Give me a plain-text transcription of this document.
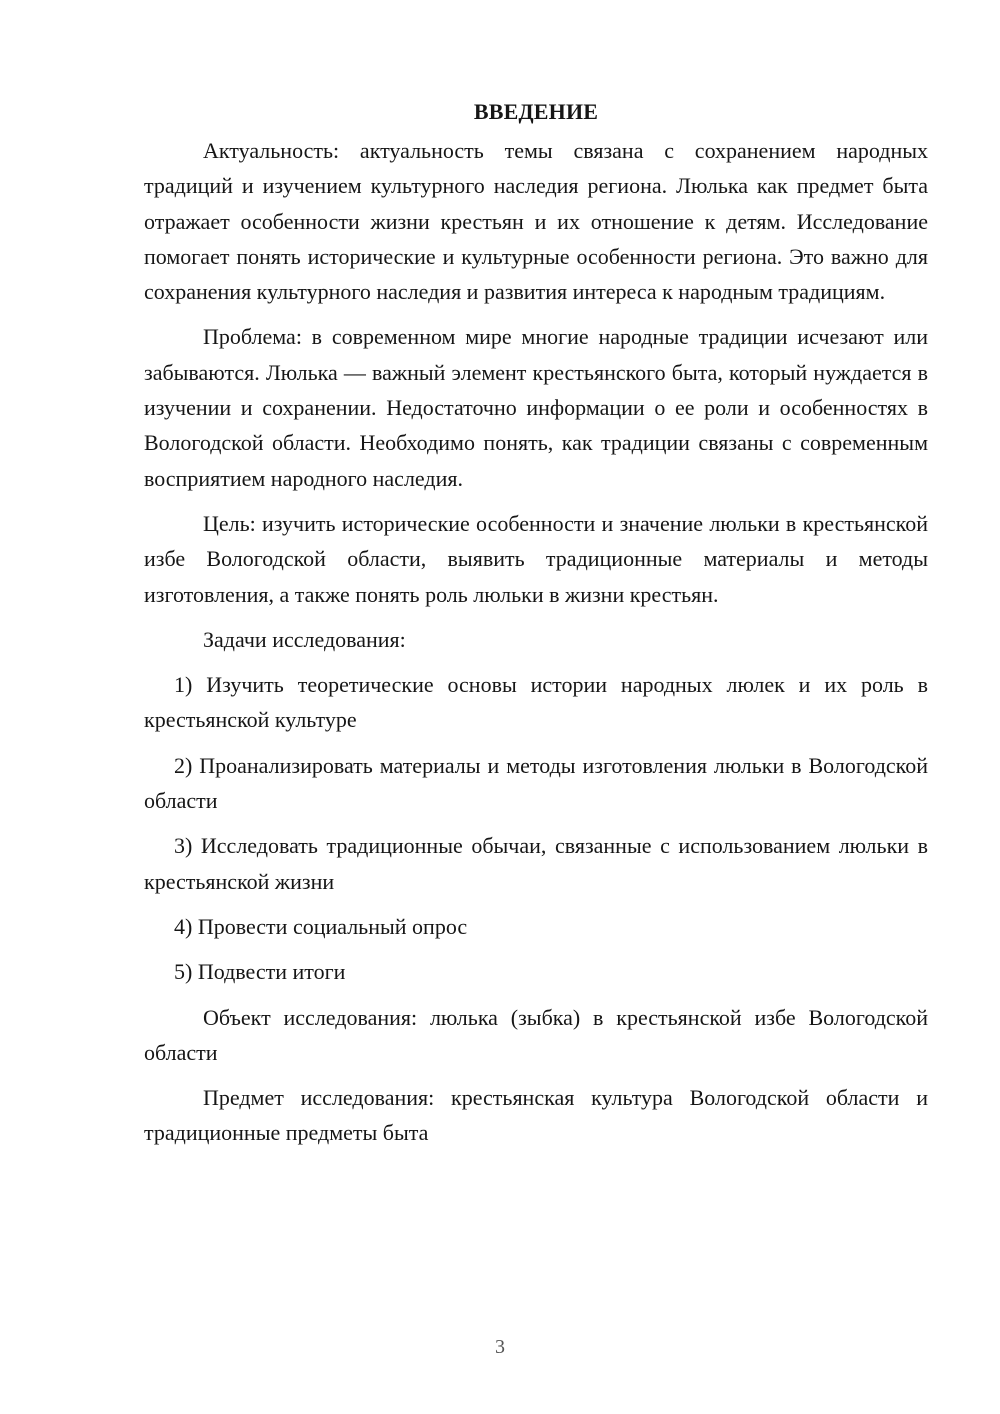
ВВЕДЕНИЕ

Актуальность: актуальность темы связана с сохранением народных традиций и изучением культурного наследия региона. Люлька как предмет быта отражает особенности жизни крестьян и их отношение к детям. Исследование помогает понять исторические и культурные особенности региона. Это важно для сохранения культурного наследия и развития интереса к народным традициям.

Проблема: в современном мире многие народные традиции исчезают или забываются. Люлька — важный элемент крестьянского быта, который нуждается в изучении и сохранении. Недостаточно информации о ее роли и особенностях в Вологодской области. Необходимо понять, как традиции связаны с современным восприятием народного наследия.

Цель: изучить исторические особенности и значение люльки в крестьянской избе Вологодской области, выявить традиционные материалы и методы изготовления, а также понять роль люльки в жизни крестьян.

Задачи исследования:

1) Изучить теоретические основы истории народных люлек и их роль в крестьянской культуре

2) Проанализировать материалы и методы изготовления люльки в Вологодской области

3) Исследовать традиционные обычаи, связанные с использованием люльки в крестьянской жизни

4) Провести социальный опрос

5) Подвести итоги

Объект исследования: люлька (зыбка) в крестьянской избе Вологодской области

Предмет исследования: крестьянская культура Вологодской области и традиционные предметы быта

3
